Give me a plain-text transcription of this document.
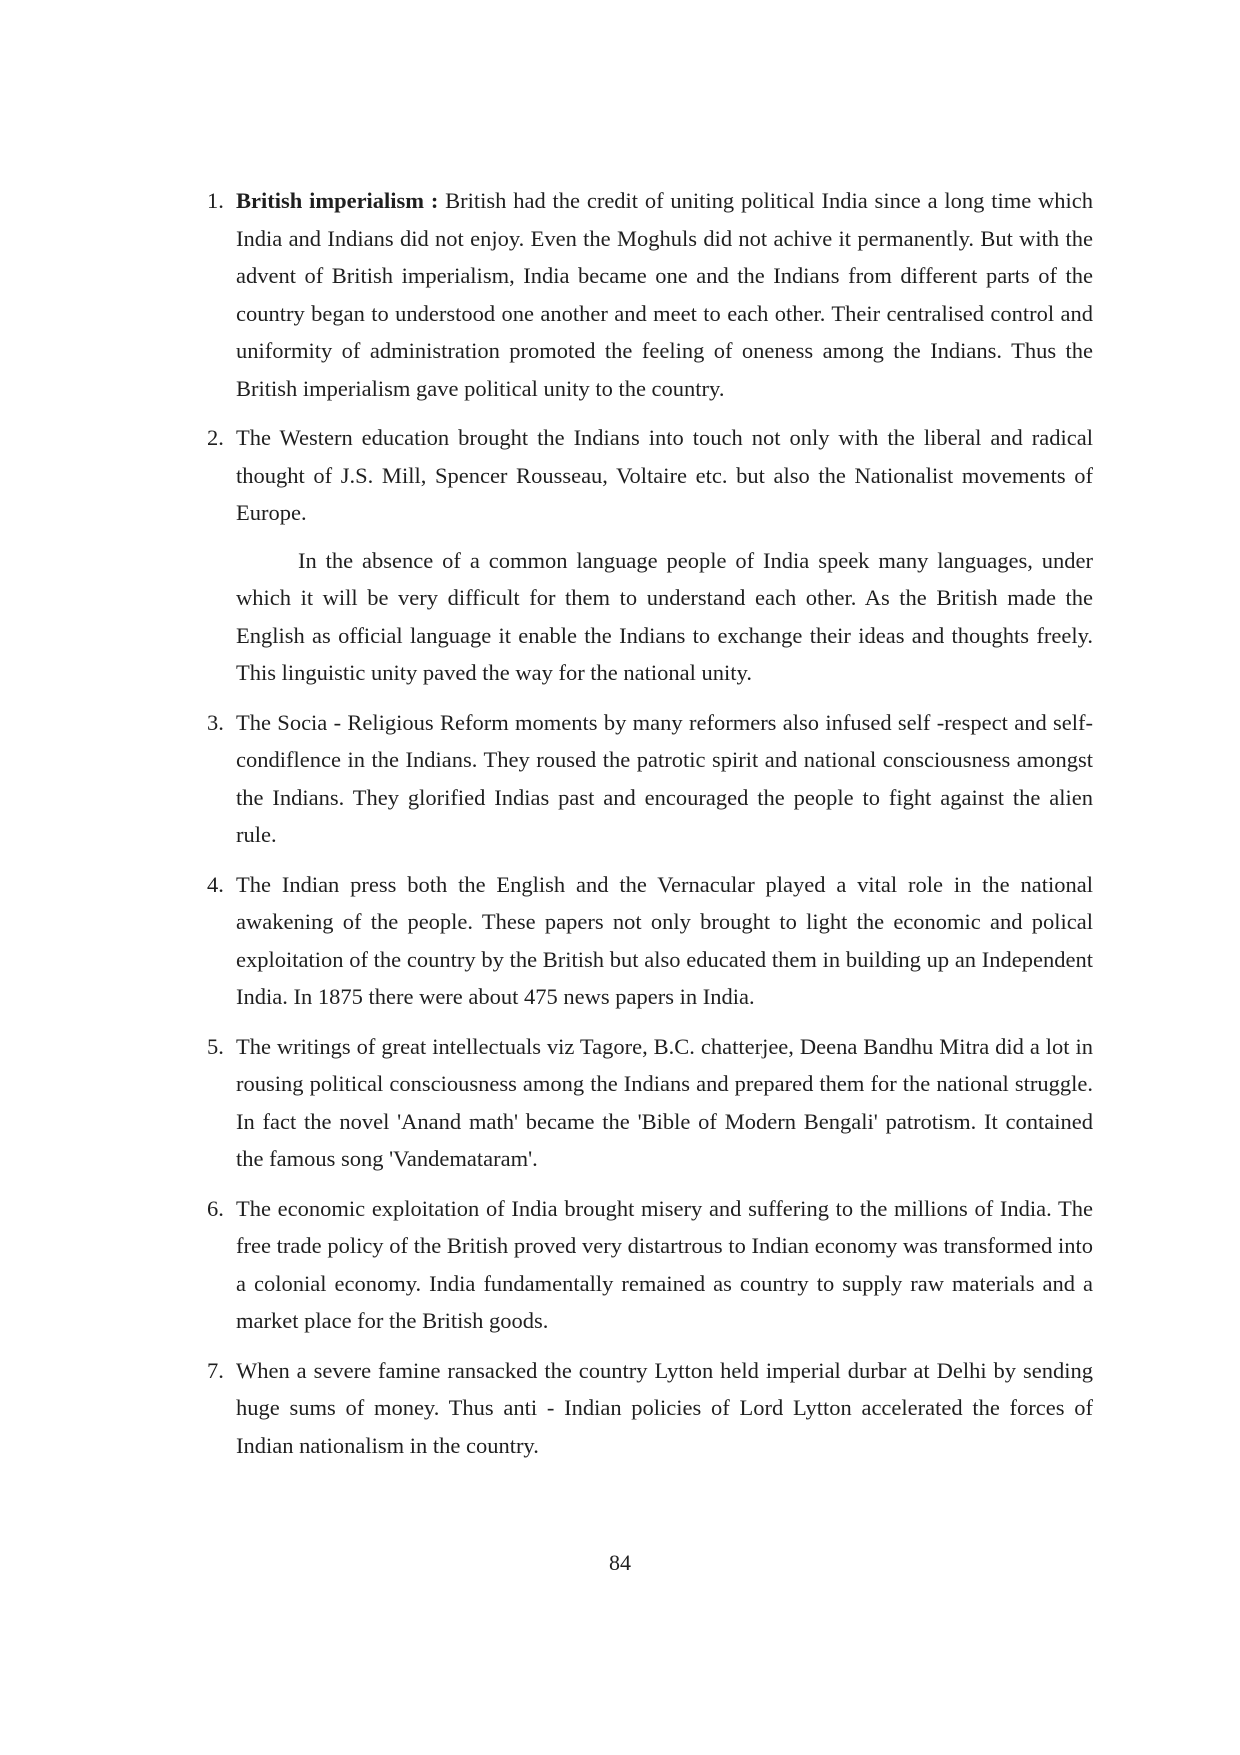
1. British imperialism : British had the credit of uniting political India since a long time which India and Indians did not enjoy. Even the Moghuls did not achive it permanently. But with the advent of British imperialism, India became one and the Indians from different parts of the country began to understood one another and meet to each other. Their centralised control and uniformity of administration promoted the feeling of oneness among the Indians. Thus the British imperialism gave political unity to the country.

2. The Western education brought the Indians into touch not only with the liberal and radical thought of J.S. Mill, Spencer Rousseau, Voltaire etc. but also the Nationalist movements of Europe.

In the absence of a common language people of India speek many languages, under which it will be very difficult for them to understand each other. As the British made the English as official language it enable the Indians to exchange their ideas and thoughts freely. This linguistic unity paved the way for the national unity.

3. The Socia - Religious Reform moments by many reformers also infused self -respect and self-condiflence in the Indians. They roused the patrotic spirit and national consciousness amongst the Indians. They glorified Indias past and encouraged the people to fight against the alien rule.

4. The Indian press both the English and the Vernacular played a vital role in the national awakening of the people. These papers not only brought to light the economic and polical exploitation of the country by the British but also educated them in building up an Independent India. In 1875 there were about 475 news papers in India.

5. The writings of great intellectuals viz Tagore, B.C. chatterjee, Deena Bandhu Mitra did a lot in rousing political consciousness among the Indians and prepared them for the national struggle. In fact the novel 'Anand math' became the 'Bible of Modern Bengali' patrotism. It contained the famous song 'Vandemataram'.

6. The economic exploitation of India brought misery and suffering to the millions of India. The free trade policy of the British proved very distartrous to Indian economy was transformed into a colonial economy. India fundamentally remained as country to supply raw materials and a market place for the British goods.

7. When a severe famine ransacked the country Lytton held imperial durbar at Delhi by sending huge sums of money. Thus anti - Indian policies of Lord Lytton accelerated the forces of Indian nationalism in the country.

84
